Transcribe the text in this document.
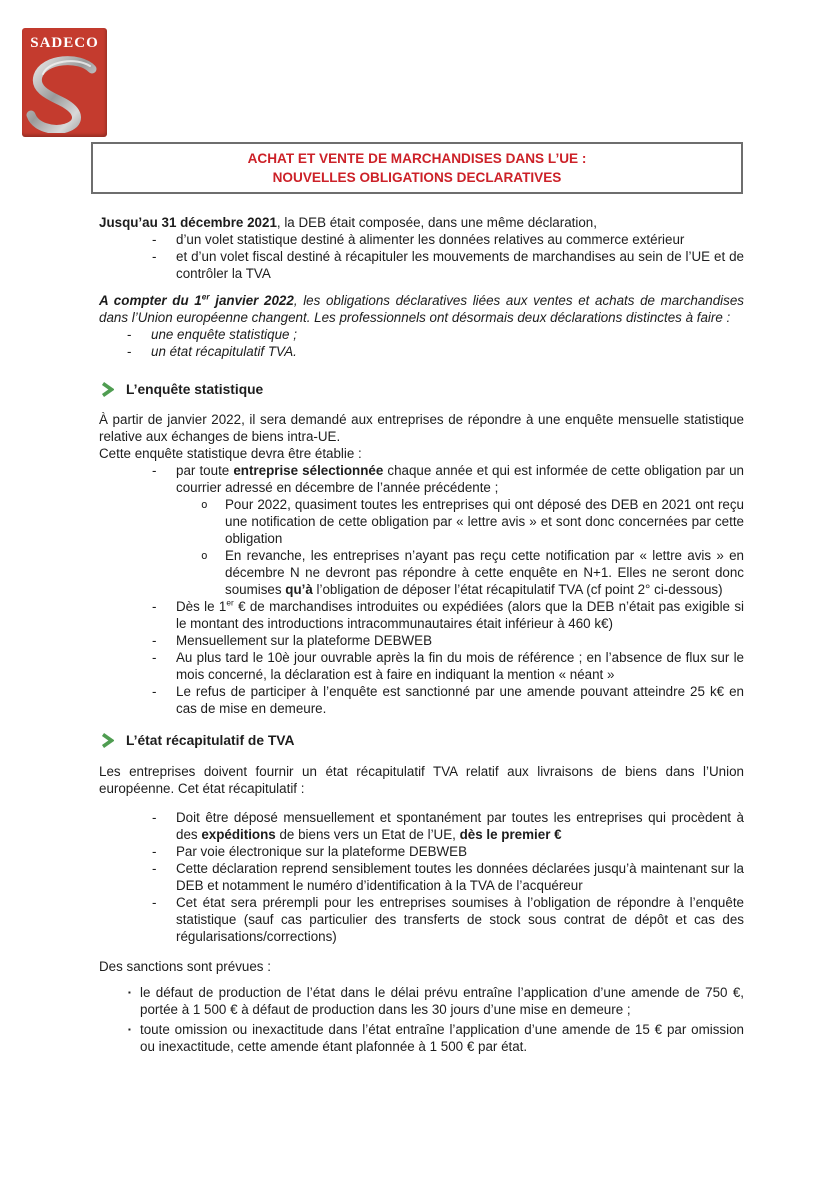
SADECO
ACHAT ET VENTE DE MARCHANDISES DANS L’UE :
NOUVELLES OBLIGATIONS DECLARATIVES

Jusqu’au 31 décembre 2021, la DEB était composée, dans une même déclaration,

-	d’un volet statistique destiné à alimenter les données relatives au commerce extérieur
-	et d’un volet fiscal destiné à récapituler les mouvements de marchandises au sein de l’UE et de contrôler la TVA

A compter du 1er janvier 2022, les obligations déclaratives liées aux ventes et achats de marchandises dans l’Union européenne changent. Les professionnels ont désormais deux déclarations distinctes à faire :

-	une enquête statistique ;
-	un état récapitulatif TVA.
L’enquête statistique

À partir de janvier 2022, il sera demandé aux entreprises de répondre à une enquête mensuelle statistique relative aux échanges de biens intra-UE.

Cette enquête statistique devra être établie :

-	par toute entreprise sélectionnée chaque année et qui est informée de cette obligation par un courrier adressé en décembre de l’année précédente ;
o	Pour 2022, quasiment toutes les entreprises qui ont déposé des DEB en 2021 ont reçu une notification de cette obligation par « lettre avis » et sont donc concernées par cette obligation
o	En revanche, les entreprises n’ayant pas reçu cette notification par « lettre avis » en décembre N ne devront pas répondre à cette enquête en N+1. Elles ne seront donc soumises qu’à l’obligation de déposer l’état récapitulatif TVA (cf point 2° ci-dessous)
-	Dès le 1er € de marchandises introduites ou expédiées (alors que la DEB n’était pas exigible si le montant des introductions intracommunautaires était inférieur à 460 k€)
-	Mensuellement sur la plateforme DEBWEB
-	Au plus tard le 10è jour ouvrable après la fin du mois de référence ; en l’absence de flux sur le mois concerné, la déclaration est à faire en indiquant la mention « néant »
-	Le refus de participer à l’enquête est sanctionné par une amende pouvant atteindre 25 k€ en cas de mise en demeure.
L’état récapitulatif de TVA

Les entreprises doivent fournir un état récapitulatif TVA relatif aux livraisons de biens dans l’Union européenne. Cet état récapitulatif :

-	Doit être déposé mensuellement et spontanément par toutes les entreprises qui procèdent à des expéditions de biens vers un Etat de l’UE, dès le premier €
-	Par voie électronique sur la plateforme DEBWEB
-	Cette déclaration reprend sensiblement toutes les données déclarées jusqu’à maintenant sur la DEB et notamment le numéro d’identification à la TVA de l’acquéreur
-	Cet état sera prérempli pour les entreprises soumises à l’obligation de répondre à l’enquête statistique (sauf cas particulier des transferts de stock sous contrat de dépôt et cas des régularisations/corrections)

Des sanctions sont prévues :

▪ le défaut de production de l’état dans le délai prévu entraîne l’application d’une amende de 750 €, portée à 1 500 € à défaut de production dans les 30 jours d’une mise en demeure ;
▪ toute omission ou inexactitude dans l’état entraîne l’application d’une amende de 15 € par omission ou inexactitude, cette amende étant plafonnée à 1 500 € par état.
